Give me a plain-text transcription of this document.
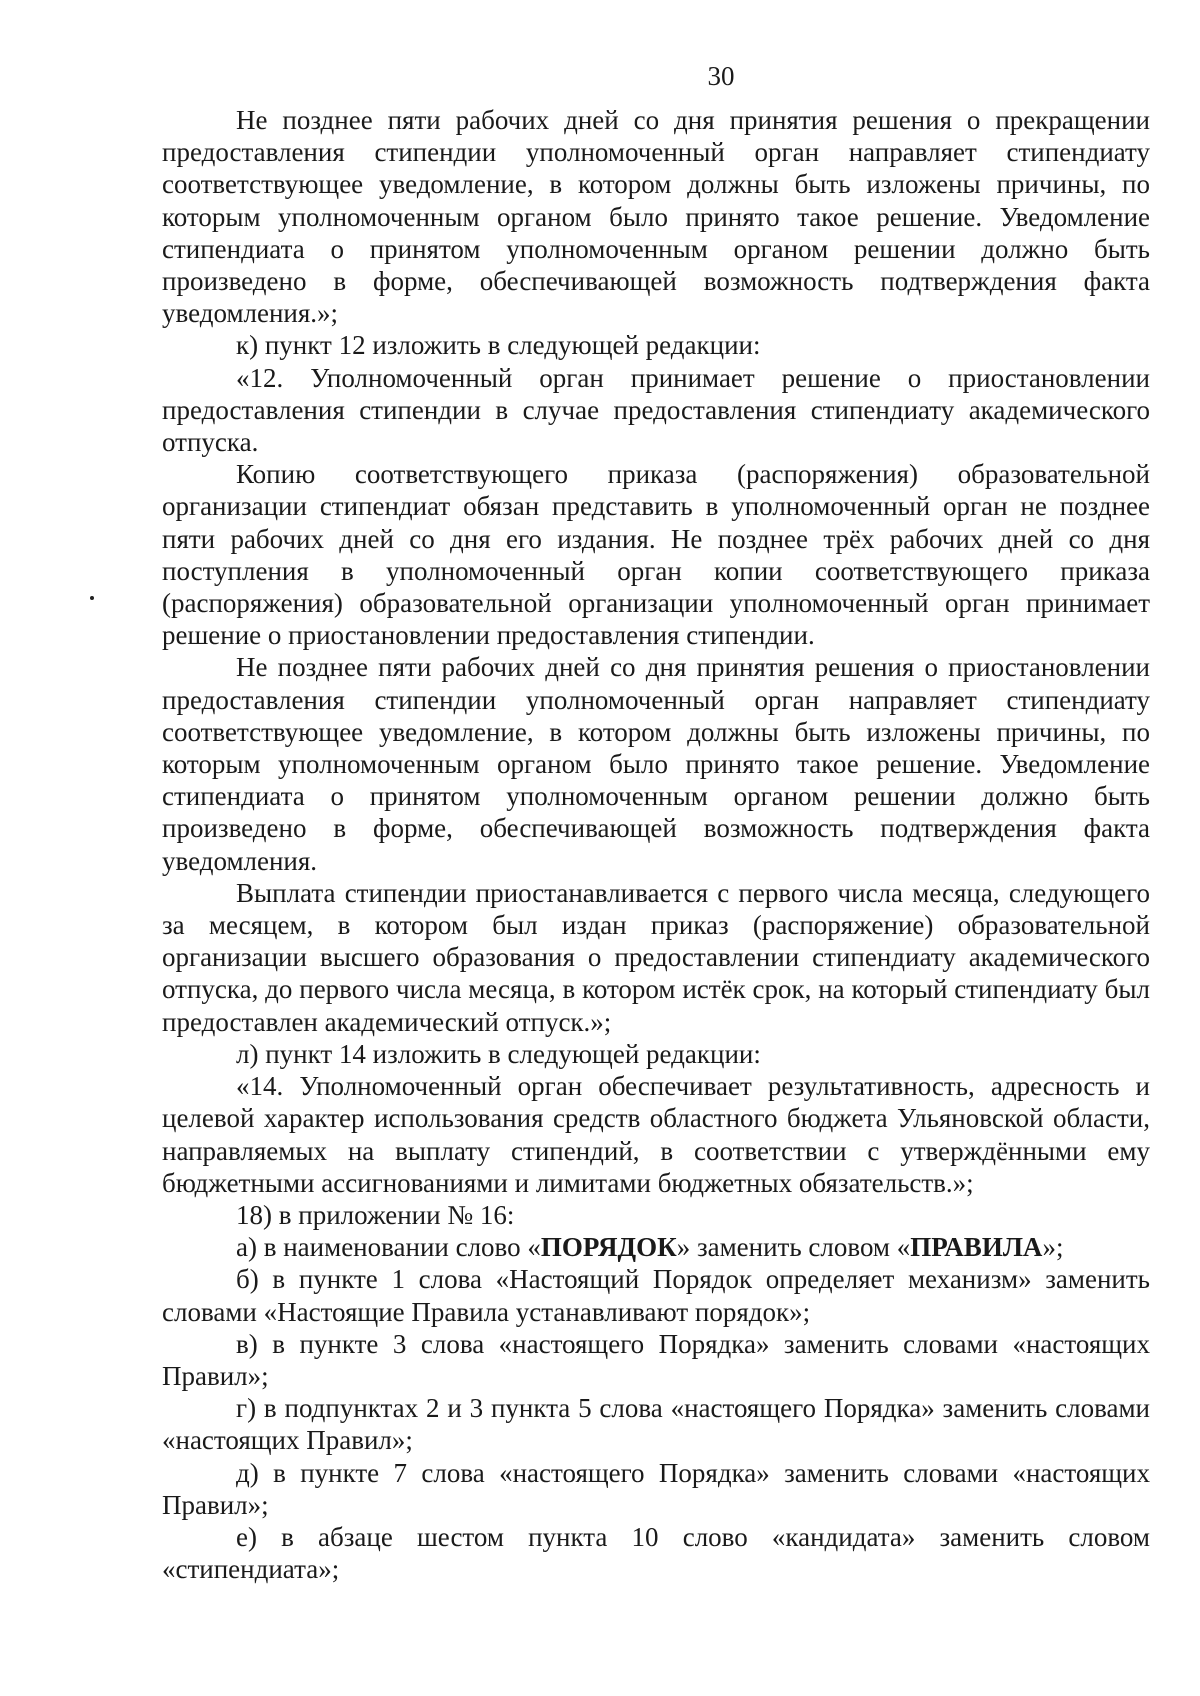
30

Не позднее пяти рабочих дней со дня принятия решения о прекращении предоставления стипендии уполномоченный орган направляет стипендиату соответствующее уведомление, в котором должны быть изложены причины, по которым уполномоченным органом было принято такое решение. Уведомление стипендиата о принятом уполномоченным органом решении должно быть произведено в форме, обеспечивающей возможность подтверждения факта уведомления.»;

к) пункт 12 изложить в следующей редакции:

«12. Уполномоченный орган принимает решение о приостановлении предоставления стипендии в случае предоставления стипендиату академического отпуска.

Копию соответствующего приказа (распоряжения) образовательной организации стипендиат обязан представить в уполномоченный орган не позднее пяти рабочих дней со дня его издания. Не позднее трёх рабочих дней со дня поступления в уполномоченный орган копии соответствующего приказа (распоряжения) образовательной организации уполномоченный орган принимает решение о приостановлении предоставления стипендии.

Не позднее пяти рабочих дней со дня принятия решения о приостановлении предоставления стипендии уполномоченный орган направляет стипендиату соответствующее уведомление, в котором должны быть изложены причины, по которым уполномоченным органом было принято такое решение. Уведомление стипендиата о принятом уполномоченным органом решении должно быть произведено в форме, обеспечивающей возможность подтверждения факта уведомления.

Выплата стипендии приостанавливается с первого числа месяца, следующего за месяцем, в котором был издан приказ (распоряжение) образовательной организации высшего образования о предоставлении стипендиату академического отпуска, до первого числа месяца, в котором истёк срок, на который стипендиату был предоставлен академический отпуск.»;

л) пункт 14 изложить в следующей редакции:

«14. Уполномоченный орган обеспечивает результативность, адресность и целевой характер использования средств областного бюджета Ульяновской области, направляемых на выплату стипендий, в соответствии с утверждёнными ему бюджетными ассигнованиями и лимитами бюджетных обязательств.»;

18) в приложении № 16:

а) в наименовании слово «ПОРЯДОК» заменить словом «ПРАВИЛА»;

б) в пункте 1 слова «Настоящий Порядок определяет механизм» заменить словами «Настоящие Правила устанавливают порядок»;

в) в пункте 3 слова «настоящего Порядка» заменить словами «настоящих Правил»;

г) в подпунктах 2 и 3 пункта 5 слова «настоящего Порядка» заменить словами «настоящих Правил»;

д) в пункте 7 слова «настоящего Порядка» заменить словами «настоящих Правил»;

е) в абзаце шестом пункта 10 слово «кандидата» заменить словом «стипендиата»;
